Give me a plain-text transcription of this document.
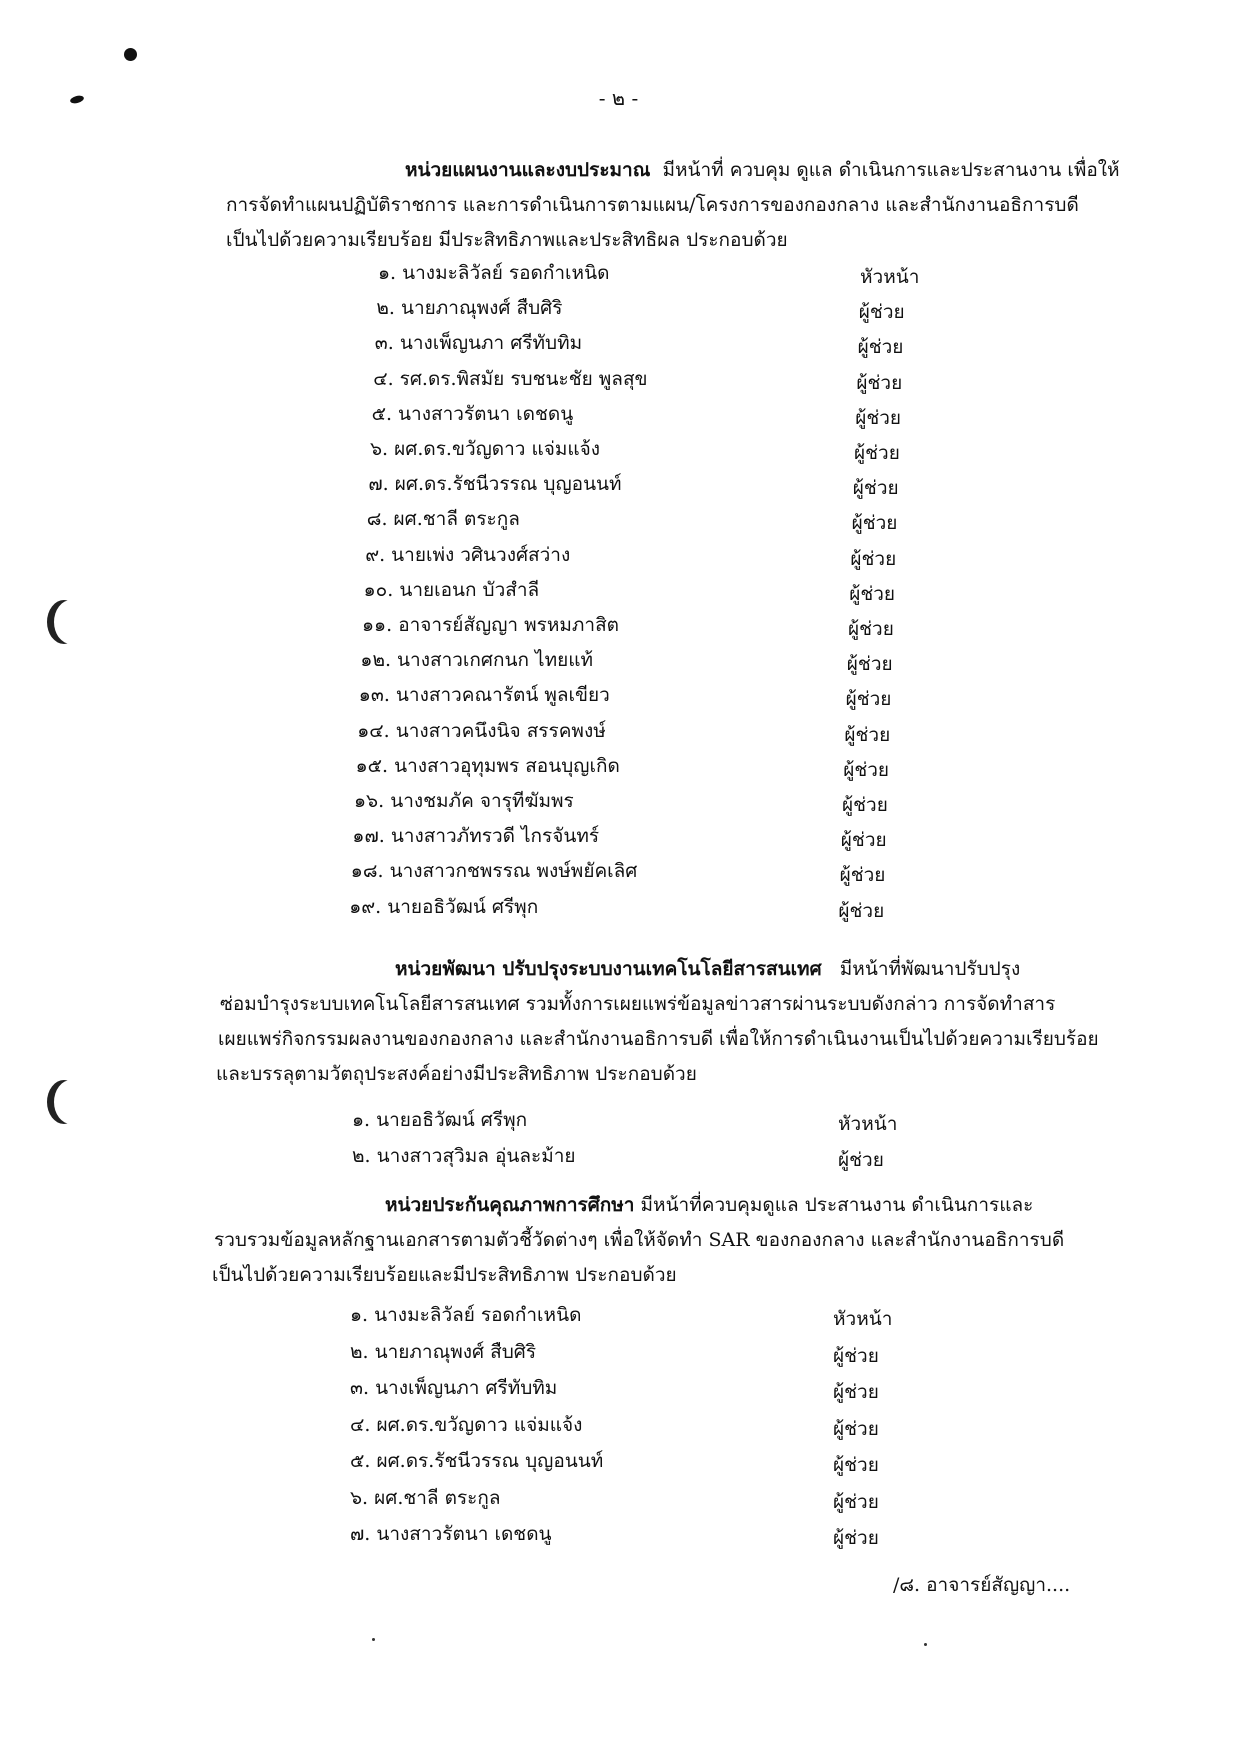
- ๒ -
หน่วยแผนงานและงบประมาณ มีหน้าที่ ควบคุม ดูแล ดำเนินการและประสานงาน เพื่อให้
การจัดทำแผนปฏิบัติราชการ และการดำเนินการตามแผน/โครงการของกองกลาง และสำนักงานอธิการบดี
เป็นไปด้วยความเรียบร้อย มีประสิทธิภาพและประสิทธิผล ประกอบด้วย
๑. นางมะลิวัลย์ รอดกำเหนิด	หัวหน้า
๒. นายภาณุพงศ์ สืบศิริ	ผู้ช่วย
๓. นางเพ็ญนภา ศรีทับทิม	ผู้ช่วย
๔. รศ.ดร.พิสมัย รบชนะชัย พูลสุข	ผู้ช่วย
๕. นางสาวรัตนา เดชดนู	ผู้ช่วย
๖. ผศ.ดร.ขวัญดาว แจ่มแจ้ง	ผู้ช่วย
๗. ผศ.ดร.รัชนีวรรณ บุญอนนท์	ผู้ช่วย
๘. ผศ.ชาลี ตระกูล	ผู้ช่วย
๙. นายเพ่ง วศินวงศ์สว่าง	ผู้ช่วย
๑๐. นายเอนก บัวสำลี	ผู้ช่วย
๑๑. อาจารย์สัญญา พรหมภาสิต	ผู้ช่วย
๑๒. นางสาวเกศกนก ไทยแท้	ผู้ช่วย
๑๓. นางสาวคณารัตน์ พูลเขียว	ผู้ช่วย
๑๔. นางสาวคนึงนิจ สรรคพงษ์	ผู้ช่วย
๑๕. นางสาวอุทุมพร สอนบุญเกิด	ผู้ช่วย
๑๖. นางชมภัค จารุทีฆัมพร	ผู้ช่วย
๑๗. นางสาวภัทรวดี ไกรจันทร์	ผู้ช่วย
๑๘. นางสาวกชพรรณ พงษ์พยัคเลิศ	ผู้ช่วย
๑๙. นายอธิวัฒน์ ศรีพุก	ผู้ช่วย
หน่วยพัฒนา ปรับปรุงระบบงานเทคโนโลยีสารสนเทศ มีหน้าที่พัฒนาปรับปรุง
ซ่อมบำรุงระบบเทคโนโลยีสารสนเทศ รวมทั้งการเผยแพร่ข้อมูลข่าวสารผ่านระบบดังกล่าว การจัดทำสาร
เผยแพร่กิจกรรมผลงานของกองกลาง และสำนักงานอธิการบดี เพื่อให้การดำเนินงานเป็นไปด้วยความเรียบร้อย
และบรรลุตามวัตถุประสงค์อย่างมีประสิทธิภาพ ประกอบด้วย
๑. นายอธิวัฒน์ ศรีพุก	หัวหน้า
๒. นางสาวสุวิมล อุ่นละม้าย	ผู้ช่วย
หน่วยประกันคุณภาพการศึกษา มีหน้าที่ควบคุมดูแล ประสานงาน ดำเนินการและ
รวบรวมข้อมูลหลักฐานเอกสารตามตัวชี้วัดต่างๆ เพื่อให้จัดทำ SAR ของกองกลาง และสำนักงานอธิการบดี
เป็นไปด้วยความเรียบร้อยและมีประสิทธิภาพ ประกอบด้วย
๑. นางมะลิวัลย์ รอดกำเหนิด	หัวหน้า
๒. นายภาณุพงศ์ สืบศิริ	ผู้ช่วย
๓. นางเพ็ญนภา ศรีทับทิม	ผู้ช่วย
๔. ผศ.ดร.ขวัญดาว แจ่มแจ้ง	ผู้ช่วย
๕. ผศ.ดร.รัชนีวรรณ บุญอนนท์	ผู้ช่วย
๖. ผศ.ชาลี ตระกูล	ผู้ช่วย
๗. นางสาวรัตนา เดชดนู	ผู้ช่วย
/๘. อาจารย์สัญญา....
